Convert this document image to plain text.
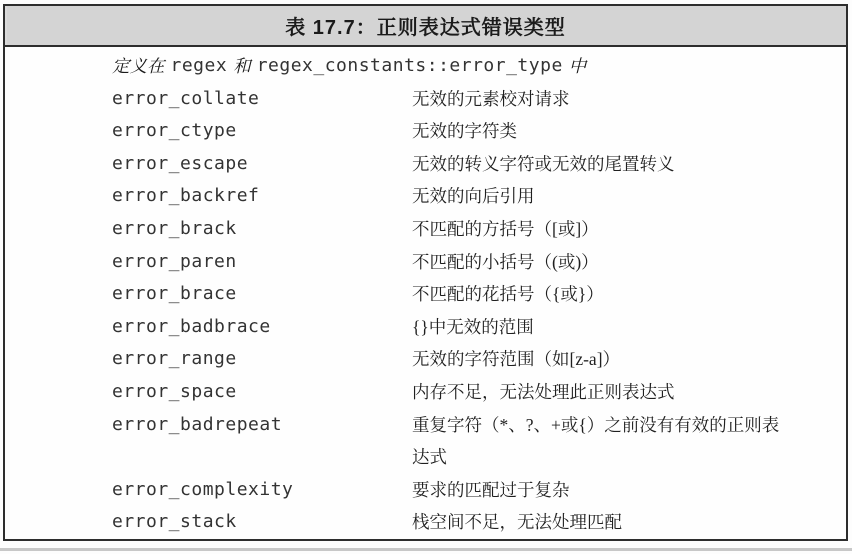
表 17.7：正则表达式错误类型
定义在 regex 和 regex_constants::error_type 中
error_collate	无效的元素校对请求
error_ctype	无效的字符类
error_escape	无效的转义字符或无效的尾置转义
error_backref	无效的向后引用
error_brack	不匹配的方括号（[或]）
error_paren	不匹配的小括号（(或)）
error_brace	不匹配的花括号（{或}）
error_badbrace	{}中无效的范围
error_range	无效的字符范围（如[z-a]）
error_space	内存不足，无法处理此正则表达式
error_badrepeat	重复字符（*、?、+或{）之前没有有效的正则表达式
error_complexity	要求的匹配过于复杂
error_stack	栈空间不足，无法处理匹配
